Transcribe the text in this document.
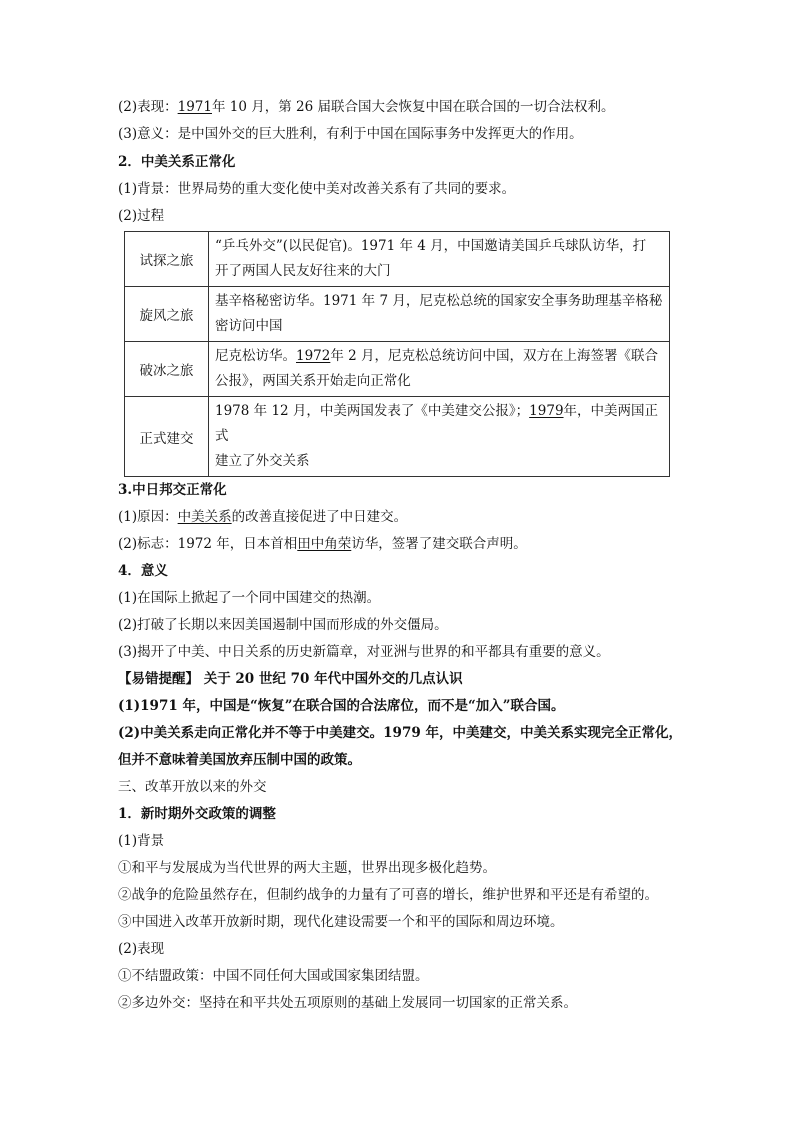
(2)表现：1971年 10 月，第 26 届联合国大会恢复中国在联合国的一切合法权利。
(3)意义：是中国外交的巨大胜利，有利于中国在国际事务中发挥更大的作用。
2．中美关系正常化
(1)背景：世界局势的重大变化使中美对改善关系有了共同的要求。
(2)过程
试探之旅	“乒乓外交”(以民促官)。1971 年 4 月，中国邀请美国乒乓球队访华，打
开了两国人民友好往来的大门

旋风之旅	基辛格秘密访华。1971 年 7 月，尼克松总统的国家安全事务助理基辛格秘
密访问中国

破冰之旅	尼克松访华。1972年 2 月，尼克松总统访问中国，双方在上海签署《联合
公报》，两国关系开始走向正常化

正式建交	1978 年 12 月，中美两国发表了《中美建交公报》；1979年，中美两国正式
建立了外交关系
3.中日邦交正常化
(1)原因：中美关系的改善直接促进了中日建交。
(2)标志：1972 年，日本首相田中角荣访华，签署了建交联合声明。
4．意义
(1)在国际上掀起了一个同中国建交的热潮。
(2)打破了长期以来因美国遏制中国而形成的外交僵局。
(3)揭开了中美、中日关系的历史新篇章，对亚洲与世界的和平都具有重要的意义。
【易错提醒】 关于 20 世纪 70 年代中国外交的几点认识
(1)1971 年，中国是“恢复”在联合国的合法席位，而不是“加入”联合国。
(2)中美关系走向正常化并不等于中美建交。1979 年，中美建交，中美关系实现完全正常化，
但并不意味着美国放弃压制中国的政策。
三、改革开放以来的外交
1．新时期外交政策的调整
(1)背景
①和平与发展成为当代世界的两大主题，世界出现多极化趋势。
②战争的危险虽然存在，但制约战争的力量有了可喜的增长，维护世界和平还是有希望的。
③中国进入改革开放新时期，现代化建设需要一个和平的国际和周边环境。
(2)表现
①不结盟政策：中国不同任何大国或国家集团结盟。
②多边外交：坚持在和平共处五项原则的基础上发展同一切国家的正常关系。
